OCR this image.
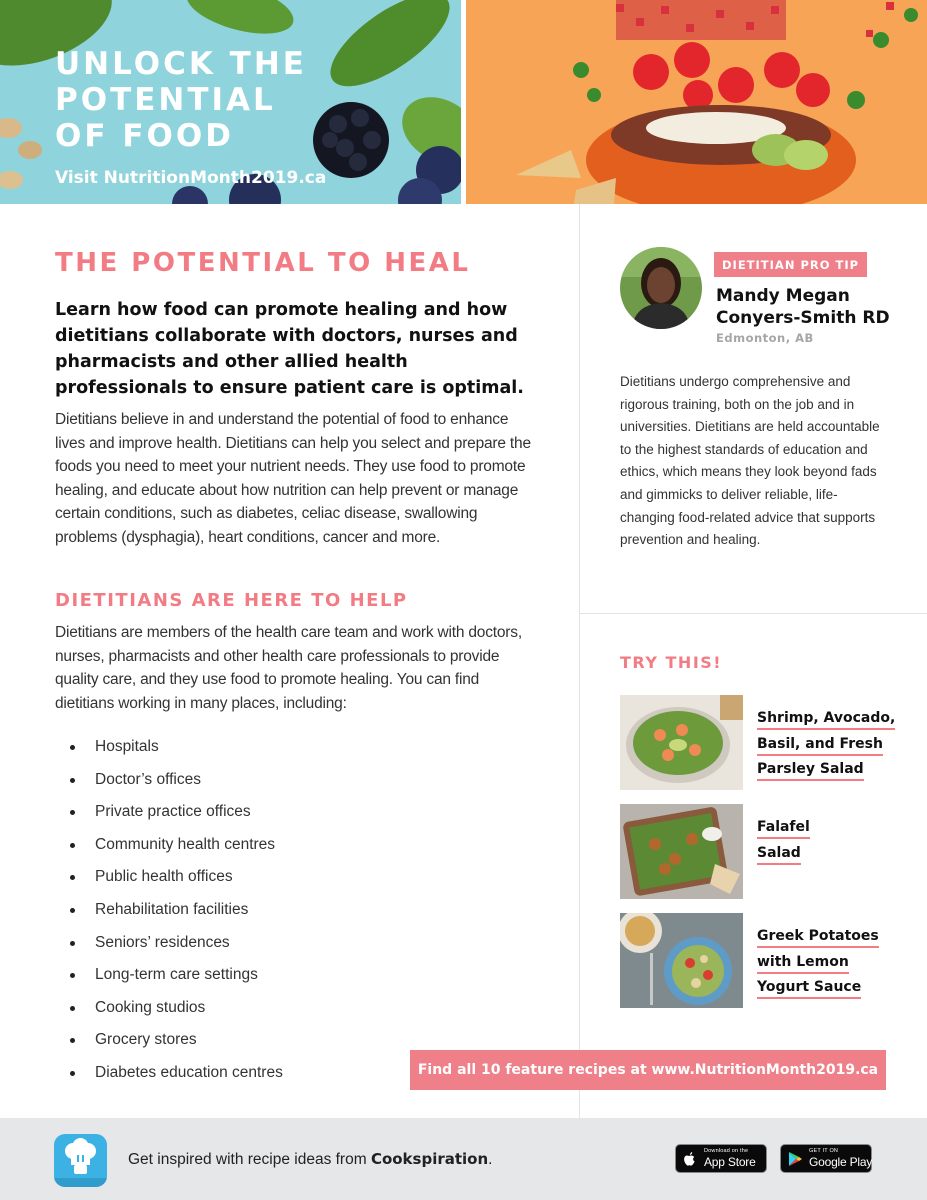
UNLOCK THE
POTENTIAL
OF FOOD
Visit NutritionMonth2019.ca
THE POTENTIAL TO HEAL

Learn how food can promote healing and how dietitians collaborate with doctors, nurses and pharmacists and other allied health professionals to ensure patient care is optimal.

Dietitians believe in and understand the potential of food to enhance lives and improve health. Dietitians can help you select and prepare the foods you need to meet your nutrient needs. They use food to promote healing, and educate about how nutrition can help prevent or manage certain conditions, such as diabetes, celiac disease, swallowing problems (dysphagia), heart conditions, cancer and more.

DIETITIANS ARE HERE TO HELP

Dietitians are members of the health care team and work with doctors, nurses, pharmacists and other health care professionals to provide quality care, and they use food to promote healing. You can find dietitians working in many places, including:

Hospitals
Doctor’s offices
Private practice offices
Community health centres
Public health offices
Rehabilitation facilities
Seniors’ residences
Long-term care settings
Cooking studios
Grocery stores
Diabetes education centres
DIETITIAN PRO TIP
Mandy Megan
Conyers-Smith RD
Edmonton, AB

Dietitians undergo comprehensive and rigorous training, both on the job and in universities. Dietitians are held accountable to the highest standards of education and ethics, which means they look beyond fads and gimmicks to deliver reliable, life- changing food-related advice that supports prevention and healing.

TRY THIS!
Shrimp, Avocado,
Basil, and Fresh
Parsley Salad
Falafel
Salad
Greek Potatoes
with Lemon
Yogurt Sauce
Find all 10 feature recipes at www.NutritionMonth2019.ca
Get inspired with recipe ideas from Cookspiration.	Download on the
App Store
GET IT ON
Google Play
